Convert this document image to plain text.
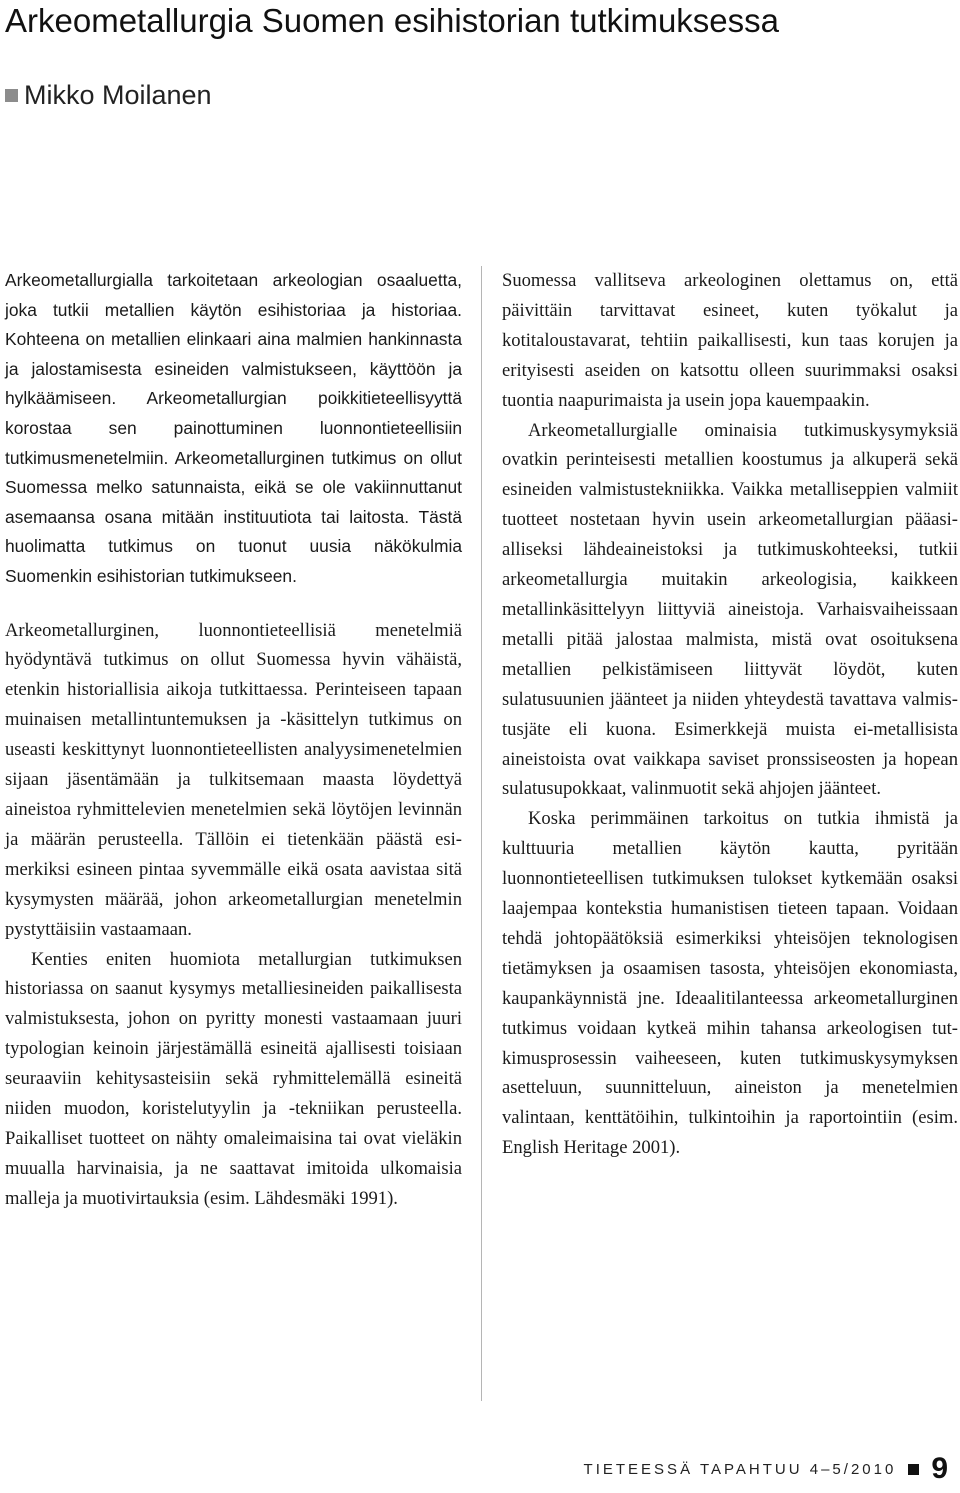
Arkeometallurgia Suomen esihistorian tutkimuksessa
Mikko Moilanen

Arkeometallurgialla tarkoitetaan arkeologian osaaluetta, joka tutkii metallien käytön esihistoriaa ja historiaa. Kohteena on metallien elinkaari aina malmien hankinnasta ja jalostamisesta esineiden valmistukseen, käyttöön ja hylkäämiseen. Arkeometallurgian poikkitieteellisyyttä korostaa sen painottuminen luonnontieteellisiin tutkimusmenetelmiin. Arkeometallurginen tutkimus on ollut Suomessa melko satunnaista, eikä se ole vakiinnuttanut asemaansa osana mitään instituutiota tai laitosta. Tästä huolimatta tutkimus on tuonut uusia näkökulmia Suomenkin esihistorian tutkimukseen.

Arkeometallurginen, luonnontieteellisiä menetelmiä hyödyntävä tutkimus on ollut Suomessa hyvin vähäistä, etenkin historiallisia aikoja tutkittaessa. Perinteiseen tapaan muinaisen metallintuntemuksen ja -käsittelyn tutkimus on useasti keskittynyt luonnontieteellisten analyysimenetelmien sijaan jäsentämään ja tulkitsemaan maasta löydettyä aineistoa ryhmittelevien menetelmien sekä löytöjen levinnän ja määrän perusteella. Tällöin ei tietenkään päästä esimerkiksi esineen pintaa syvemmälle eikä osata aavistaa sitä kysymysten määrää, johon arkeometallurgian menetelmin pystyttäisiin vastaamaan.

Kenties eniten huomiota metallurgian tutkimuksen historiassa on saanut kysymys metalliesineiden paikallisesta valmistuksesta, johon on pyritty monesti vastaamaan juuri typologian keinoin järjestämällä esineitä ajallisesti toisiaan seuraaviin kehitysasteisiin sekä ryhmittelemällä esineitä niiden muodon, koristelutyylin ja -tekniikan perusteella. Paikalliset tuotteet on nähty omaleimaisina tai ovat vieläkin muualla harvinaisia, ja ne saattavat imitoida ulkomaisia malleja ja muotivirtauksia (esim. Lähdesmäki 1991).

Suomessa vallitseva arkeologinen olettamus on, että päivittäin tarvittavat esineet, kuten työkalut ja kotitaloustavarat, tehtiin paikallisesti, kun taas korujen ja erityisesti aseiden on katsottu olleen suurimmaksi osaksi tuontia naapurimaista ja usein jopa kauempaakin.

Arkeometallurgialle ominaisia tutkimuskysymyksiä ovatkin perinteisesti metallien koostumus ja alkuperä sekä esineiden valmistustekniikka. Vaikka metalliseppien valmiit tuotteet nostetaan hyvin usein arkeometallurgian pääasialliseksi lähdeaineistoksi ja tutkimuskohteeksi, tutkii arkeometallurgia muitakin arkeologisia, kaikkeen metallinkäsittelyyn liittyviä aineistoja. Varhaisvaiheissaan metalli pitää jalostaa malmista, mistä ovat osoituksena metallien pelkistämiseen liittyvät löydöt, kuten sulatusuunien jäänteet ja niiden yhteydestä tavattava valmistusjäte eli kuona. Esimerkkejä muista ei-metallisista aineistoista ovat vaikkapa saviset pronssiseosten ja hopean sulatusupokkaat, valinmuotit sekä ahjojen jäänteet.

Koska perimmäinen tarkoitus on tutkia ihmistä ja kulttuuria metallien käytön kautta, pyritään luonnontieteellisen tutkimuksen tulokset kytkemään osaksi laajempaa kontekstia humanistisen tieteen tapaan. Voidaan tehdä johtopäätöksiä esimerkiksi yhteisöjen teknologisen tietämyksen ja osaamisen tasosta, yhteisöjen ekonomiasta, kaupankäynnistä jne. Ideaalitilanteessa arkeometallurginen tutkimus voidaan kytkeä mihin tahansa arkeologisen tutkimusprosessin vaiheeseen, kuten tutkimuskysymyksen asetteluun, suunnitteluun, aineiston ja menetelmien valintaan, kenttätöihin, tulkintoihin ja raportointiin (esim. English Heritage 2001).

TIETEESSÄ TAPAHTUU 4–5/2010 9
